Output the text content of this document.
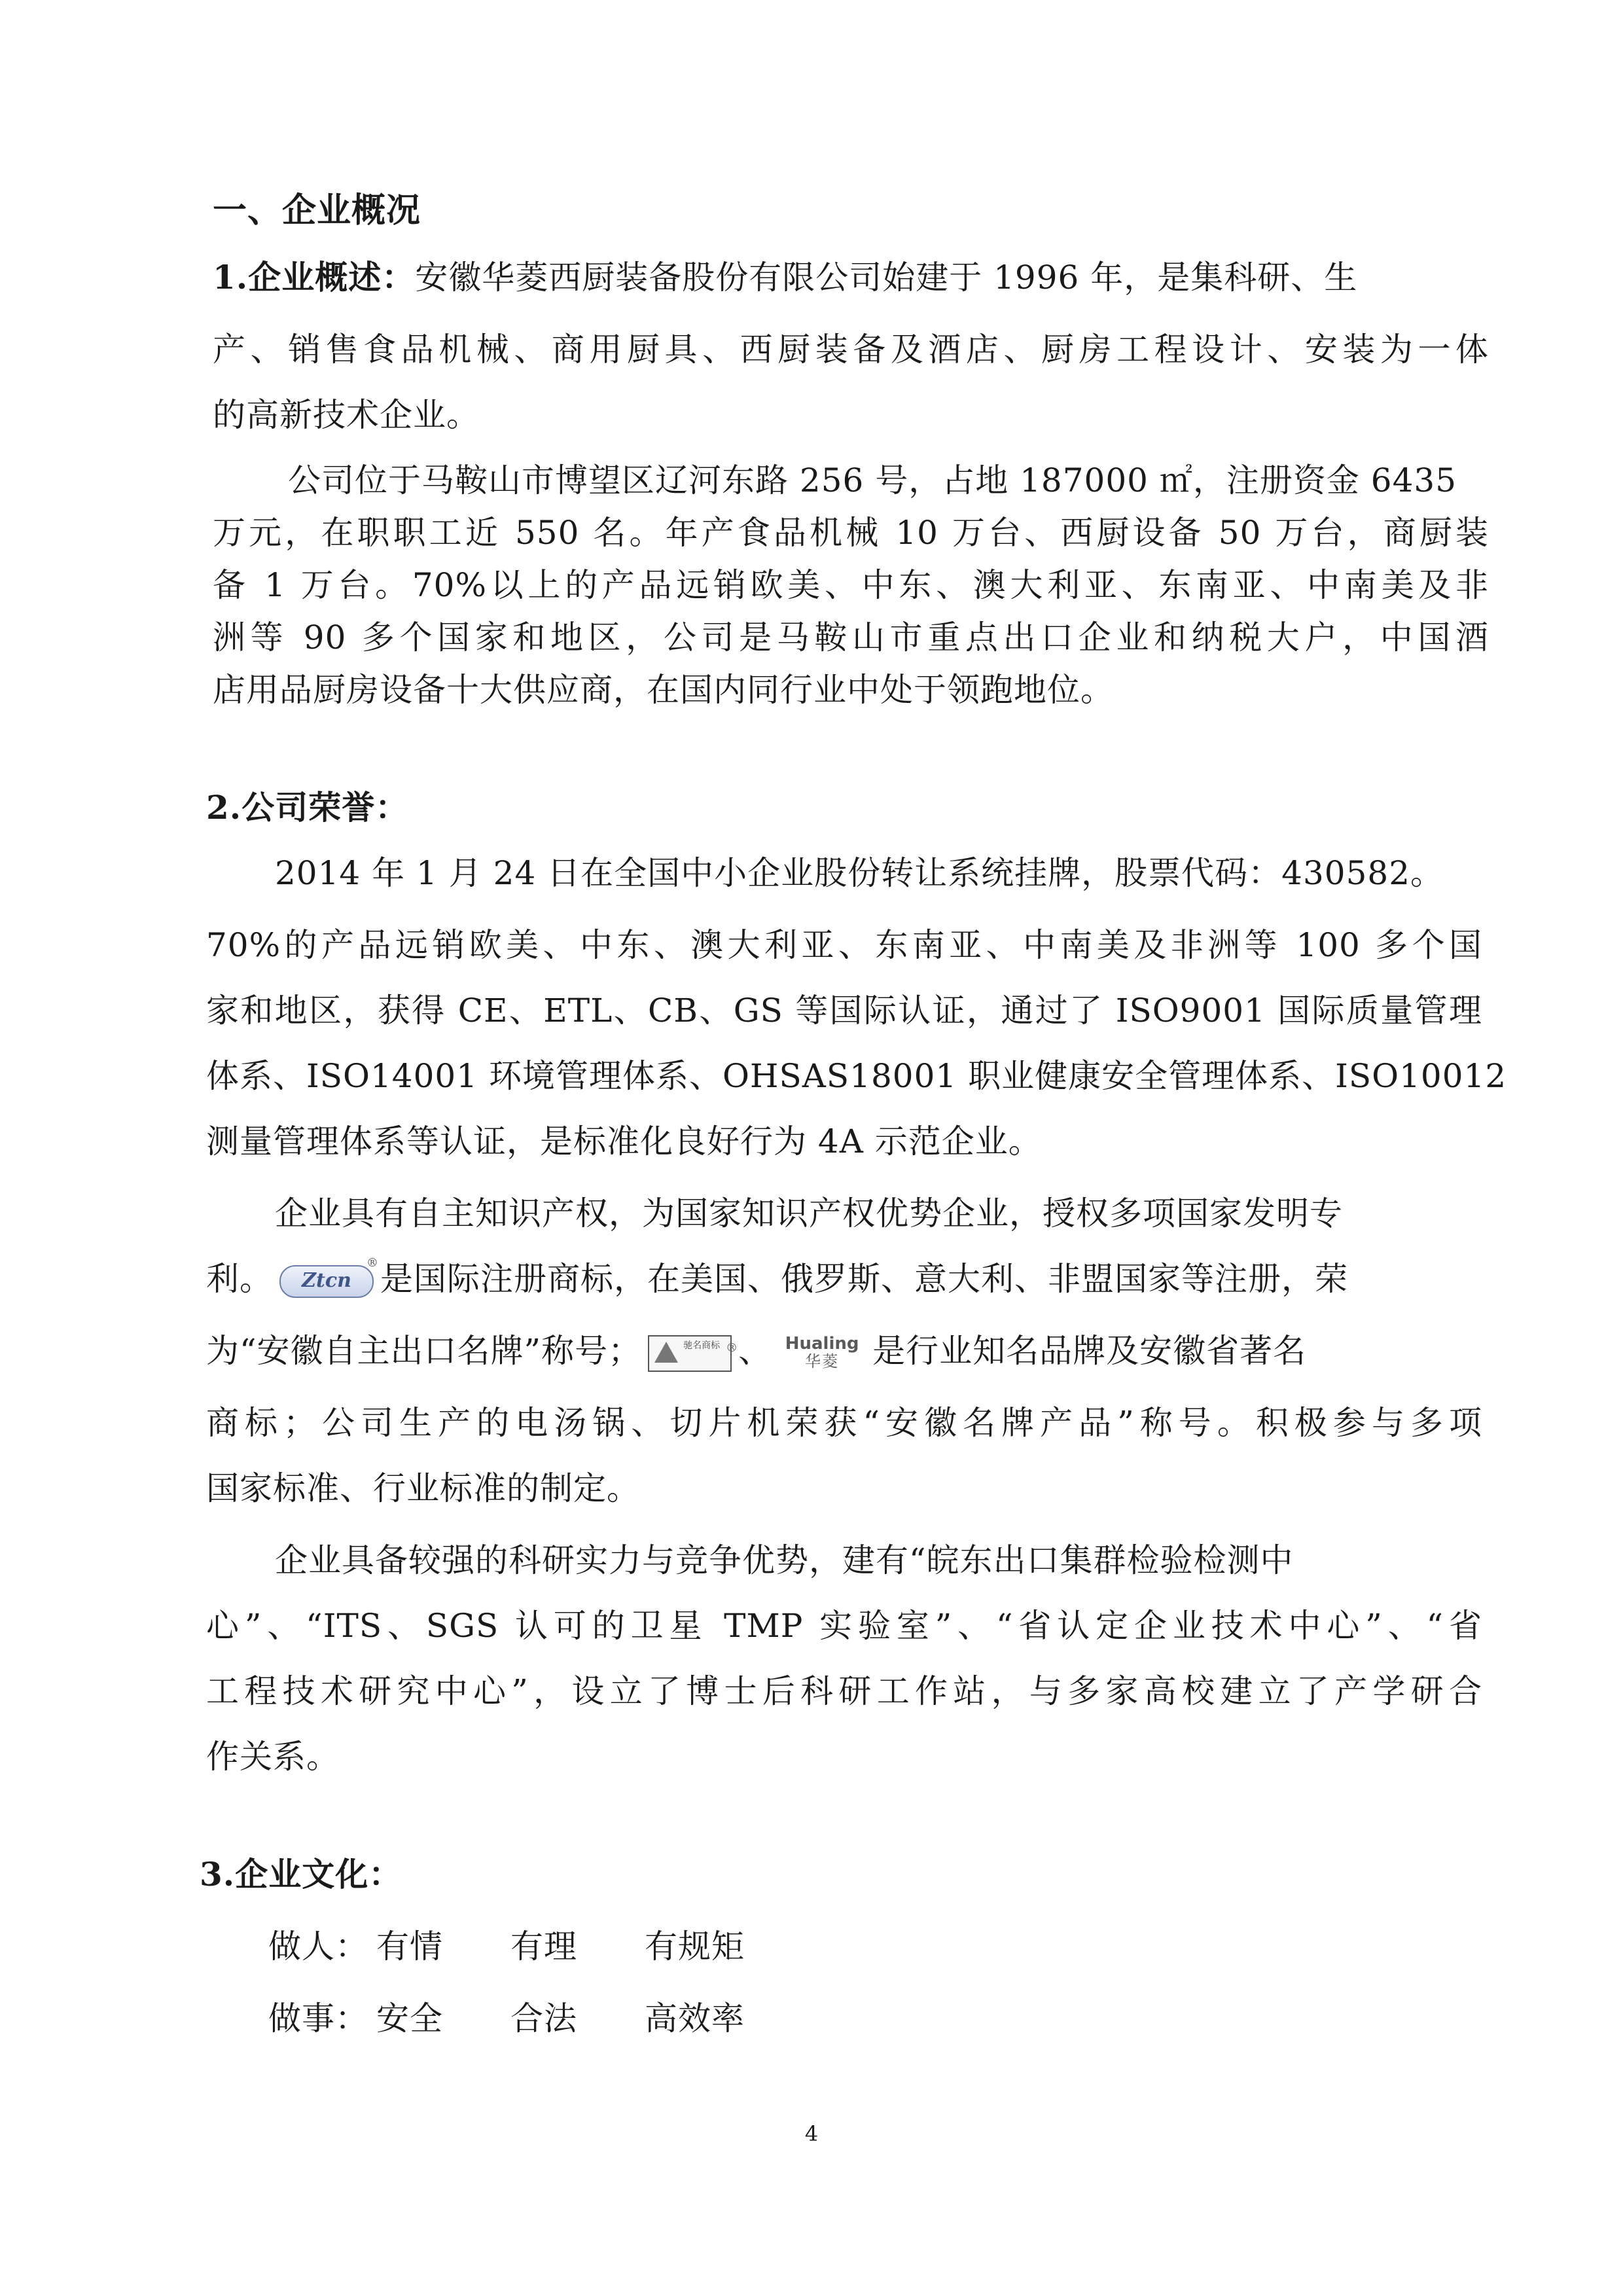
一、企业概况
1.企业概述：安徽华菱西厨装备股份有限公司始建于 1996 年，是集科研、生
产、销售食品机械、商用厨具、西厨装备及酒店、厨房工程设计、安装为一体
的高新技术企业。
公司位于马鞍山市博望区辽河东路 256 号，占地 187000 ㎡，注册资金 6435
万元，在职职工近 550 名。年产食品机械 10 万台、西厨设备 50 万台，商厨装
备 1 万台。70%以上的产品远销欧美、中东、澳大利亚、东南亚、中南美及非
洲等 90 多个国家和地区，公司是马鞍山市重点出口企业和纳税大户，中国酒
店用品厨房设备十大供应商，在国内同行业中处于领跑地位。
2.公司荣誉：
2014 年 1 月 24 日在全国中小企业股份转让系统挂牌，股票代码：430582。
70%的产品远销欧美、中东、澳大利亚、东南亚、中南美及非洲等 100 多个国
家和地区，获得 CE、ETL、CB、GS 等国际认证，通过了 ISO9001 国际质量管理
体系、ISO14001 环境管理体系、OHSAS18001 职业健康安全管理体系、ISO10012
测量管理体系等认证，是标准化良好行为 4A 示范企业。
企业具有自主知识产权，为国家知识产权优势企业，授权多项国家发明专
利。	Ztcn
® 是国际注册商标，在美国、俄罗斯、意大利、非盟国家等注册，荣
为“安徽自主出口名牌”称号；	驰名商标 ® 、 Hualing
华菱	是行业知名品牌及安徽省著名
商标；公司生产的电汤锅、切片机荣获“安徽名牌产品”称号。积极参与多项
国家标准、行业标准的制定。
企业具备较强的科研实力与竞争优势，建有“皖东出口集群检验检测中
心”、“ITS、SGS 认可的卫星 TMP 实验室”、“省认定企业技术中心”、“省
工程技术研究中心”，设立了博士后科研工作站，与多家高校建立了产学研合
作关系。
3.企业文化：
做人： 有情 有理 有规矩
做事： 安全 合法 高效率
4
